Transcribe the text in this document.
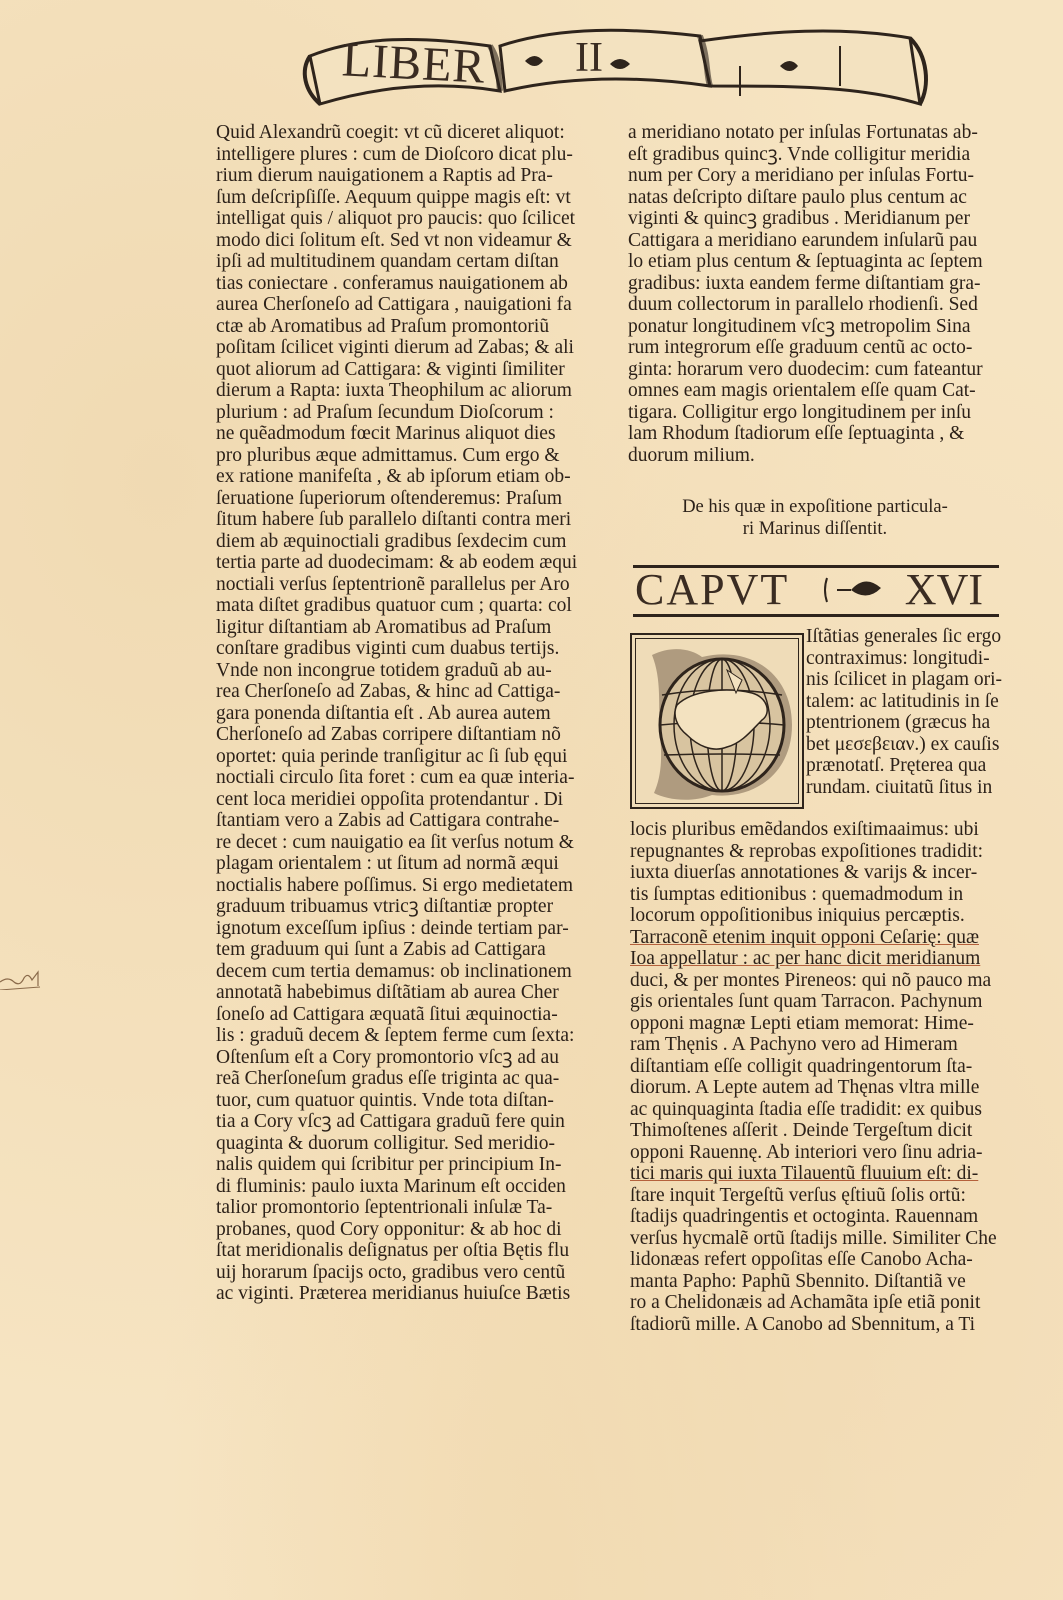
LIBER II
Quid Alexandrũ coegit: vt cũ diceret aliquot:
intelligere plures : cum de Dioſcoro dicat plu-
rium dierum nauigationem a Raptis ad Pra-
ſum deſcripſiſſe. Aequum quippe magis eſt: vt
intelligat quis / aliquot pro paucis: quo ſcilicet
modo dici ſolitum eſt. Sed vt non videamur &
ipſi ad multitudinem quandam certam diſtan
tias coniectare . conferamus nauigationem ab
aurea Cherſoneſo ad Cattigara , nauigationi fa
ctæ ab Aromatibus ad Praſum promontoriũ
poſitam ſcilicet viginti dierum ad Zabas; & ali
quot aliorum ad Cattigara: & viginti ſimiliter
dierum a Rapta: iuxta Theophilum ac aliorum
plurium : ad Praſum ſecundum Dioſcorum :
ne quẽadmodum fœcit Marinus aliquot dies
pro pluribus æque admittamus. Cum ergo &
ex ratione manifeſta , & ab ipſorum etiam ob-
ſeruatione ſuperiorum oſtenderemus: Praſum
ſitum habere ſub parallelo diſtanti contra meri
diem ab æquinoctiali gradibus ſexdecim cum
tertia parte ad duodecimam: & ab eodem æqui
noctiali verſus ſeptentrionẽ parallelus per Aro
mata diſtet gradibus quatuor cum ; quarta: col
ligitur diſtantiam ab Aromatibus ad Praſum
conſtare gradibus viginti cum duabus tertijs.
Vnde non incongrue totidem graduũ ab au-
rea Cherſoneſo ad Zabas, & hinc ad Cattiga-
gara ponenda diſtantia eſt . Ab aurea autem
Cherſoneſo ad Zabas corripere diſtantiam nõ
oportet: quia perinde tranſigitur ac ſi ſub ęqui
noctiali circulo ſita foret : cum ea quæ interia-
cent loca meridiei oppoſita protendantur . Di
ſtantiam vero a Zabis ad Cattigara contrahe-
re decet : cum nauigatio ea ſit verſus notum &
plagam orientalem : ut ſitum ad normã æqui
noctialis habere poſſimus. Si ergo medietatem
graduum tribuamus vtricꝫ diſtantiæ propter
ignotum exceſſum ipſius : deinde tertiam par-
tem graduum qui ſunt a Zabis ad Cattigara
decem cum tertia demamus: ob inclinationem
annotatã habebimus diſtãtiam ab aurea Cher
ſoneſo ad Cattigara æquatã ſitui æquinoctia-
lis : graduũ decem & ſeptem ferme cum ſexta:
Oſtenſum eſt a Cory promontorio vſcꝫ ad au
reã Cherſoneſum gradus eſſe triginta ac qua-
tuor, cum quatuor quintis. Vnde tota diſtan-
tia a Cory vſcꝫ ad Cattigara graduũ fere quin
quaginta & duorum colligitur. Sed meridio-
nalis quidem qui ſcribitur per principium In-
di fluminis: paulo iuxta Marinum eſt occiden
talior promontorio ſeptentrionali inſulæ Ta-
probanes, quod Cory opponitur: & ab hoc di
ſtat meridionalis deſignatus per oſtia Bętis flu
uij horarum ſpacijs octo, gradibus vero centũ
ac viginti. Præterea meridianus huiuſce Bætis
a meridiano notato per inſulas Fortunatas ab-
eſt gradibus quincꝫ. Vnde colligitur meridia
num per Cory a meridiano per inſulas Fortu-
natas deſcripto diſtare paulo plus centum ac
viginti & quincꝫ gradibus . Meridianum per
Cattigara a meridiano earundem inſularũ pau
lo etiam plus centum & ſeptuaginta ac ſeptem
gradibus: iuxta eandem ferme diſtantiam gra-
duum collectorum in parallelo rhodienſi. Sed
ponatur longitudinem vſcꝫ metropolim Sina
rum integrorum eſſe graduum centũ ac octo-
ginta: horarum vero duodecim: cum fateantur
omnes eam magis orientalem eſſe quam Cat-
tigara. Colligitur ergo longitudinem per inſu
lam Rhodum ſtadiorum eſſe ſeptuaginta , &
duorum milium.
De his quæ in expoſitione particula-
ri Marinus diſſentit.
CAPVT	XVI
Iſtãtias generales ſic ergo
contraximus: longitudi-
nis ſcilicet in plagam ori-
talem: ac latitudinis in ſe
ptentrionem (græcus ha
bet μεσεβειαν.) ex cauſis
prænotatſ. Pręterea qua
rundam. ciuitatũ ſitus in
locis pluribus emẽdandos exiſtimaaimus: ubi
repugnantes & reprobas expoſitiones tradidit:
iuxta diuerſas annotationes & varijs & incer-
tis ſumptas editionibus : quemadmodum in
locorum oppoſitionibus iniquius percæptis.
Tarraconẽ etenim inquit opponi Ceſarię: quæ
Ioa appellatur : ac per hanc dicit meridianum
duci, & per montes Pireneos: qui nõ pauco ma
gis orientales ſunt quam Tarracon. Pachynum
opponi magnæ Lepti etiam memorat: Hime-
ram Thęnis . A Pachyno vero ad Himeram
diſtantiam eſſe colligit quadringentorum ſta-
diorum. A Lepte autem ad Thęnas vltra mille
ac quinquaginta ſtadia eſſe tradidit: ex quibus
Thimoſtenes aſſerit . Deinde Tergeſtum dicit
opponi Rauennę. Ab interiori vero ſinu adria-
tici maris qui iuxta Tilauentũ fluuium eſt: di-
ſtare inquit Tergeſtũ verſus ęſtiuũ ſolis ortũ:
ſtadijs quadringentis et octoginta. Rauennam
verſus hycmalẽ ortũ ſtadijs mille. Similiter Che
lidonæas refert oppoſitas eſſe Canobo Acha-
manta Papho: Paphũ Sbennito. Diſtantiã ve
ro a Chelidonæis ad Achamãta ipſe etiã ponit
ſtadiorũ mille. A Canobo ad Sbennitum, a Ti
